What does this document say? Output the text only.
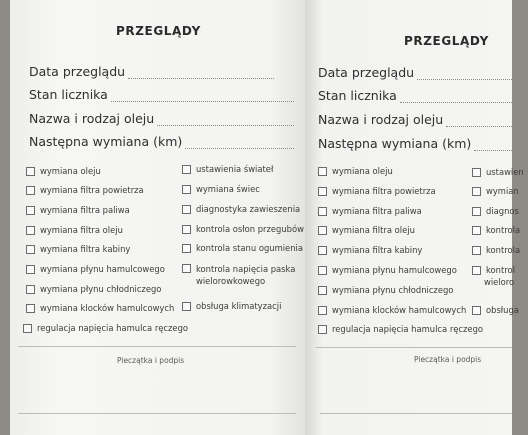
PRZEGLĄDY
Data przeglądu
Stan licznika
Nazwa i rodzaj oleju
Następna wymiana (km)
wymiana oleju
wymiana filtra powietrza
wymiana filtra paliwa
wymiana filtra oleju
wymiana filtra kabiny
wymiana płynu hamulcowego
wymiana płynu chłodniczego
wymiana klocków hamulcowych
regulacja napięcia hamulca ręczego
ustawienia świateł
wymiana świec
diagnostyka zawieszenia
kontrola osłon przegubów
kontrola stanu ogumienia
kontrola napięcia paska wielorowkowego
obsługa klimatyzacji
Pieczątka i podpis
PRZEGLĄDY
Data przeglądu
Stan licznika
Nazwa i rodzaj oleju
Następna wymiana (km)
wymiana oleju
wymiana filtra powietrza
wymiana filtra paliwa
wymiana filtra oleju
wymiana filtra kabiny
wymiana płynu hamulcowego
wymiana płynu chłodniczego
wymiana klocków hamulcowych
regulacja napięcia hamulca ręczego
ustawien
wymian
diagnos
kontrola
kontrola
kontrol
wieloro
obsługa
Pieczątka i podpis
